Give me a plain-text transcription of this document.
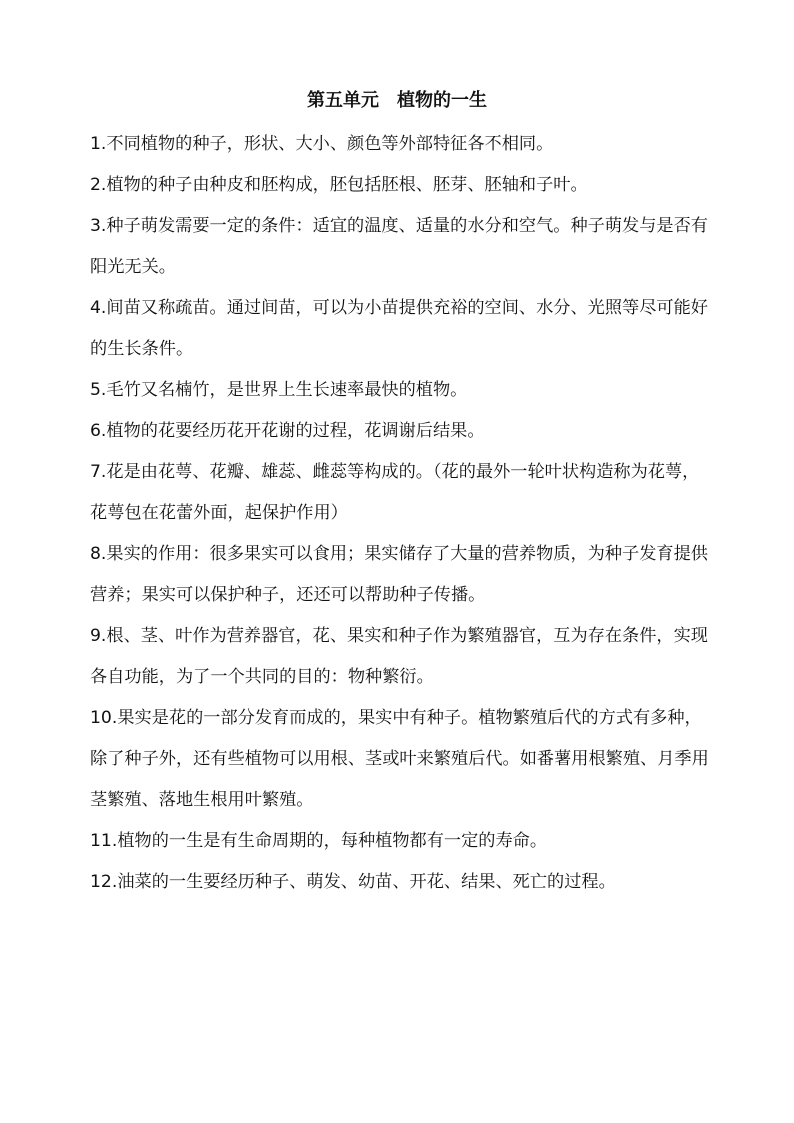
第五单元　植物的一生

1.不同植物的种子，形状、大小、颜色等外部特征各不相同。

2.植物的种子由种皮和胚构成，胚包括胚根、胚芽、胚轴和子叶。

3.种子萌发需要一定的条件：适宜的温度、适量的水分和空气。种子萌发与是否有阳光无关。

4.间苗又称疏苗。通过间苗，可以为小苗提供充裕的空间、水分、光照等尽可能好的生长条件。

5.毛竹又名楠竹，是世界上生长速率最快的植物。

6.植物的花要经历花开花谢的过程，花调谢后结果。

7.花是由花萼、花瓣、雄蕊、雌蕊等构成的。（花的最外一轮叶状构造称为花萼，花萼包在花蕾外面，起保护作用）

8.果实的作用：很多果实可以食用；果实储存了大量的营养物质，为种子发育提供营养；果实可以保护种子，还还可以帮助种子传播。

9.根、茎、叶作为营养器官，花、果实和种子作为繁殖器官，互为存在条件，实现各自功能，为了一个共同的目的：物种繁衍。

10.果实是花的一部分发育而成的，果实中有种子。植物繁殖后代的方式有多种，除了种子外，还有些植物可以用根、茎或叶来繁殖后代。如番薯用根繁殖、月季用茎繁殖、落地生根用叶繁殖。

11.植物的一生是有生命周期的，每种植物都有一定的寿命。

12.油菜的一生要经历种子、萌发、幼苗、开花、结果、死亡的过程。
